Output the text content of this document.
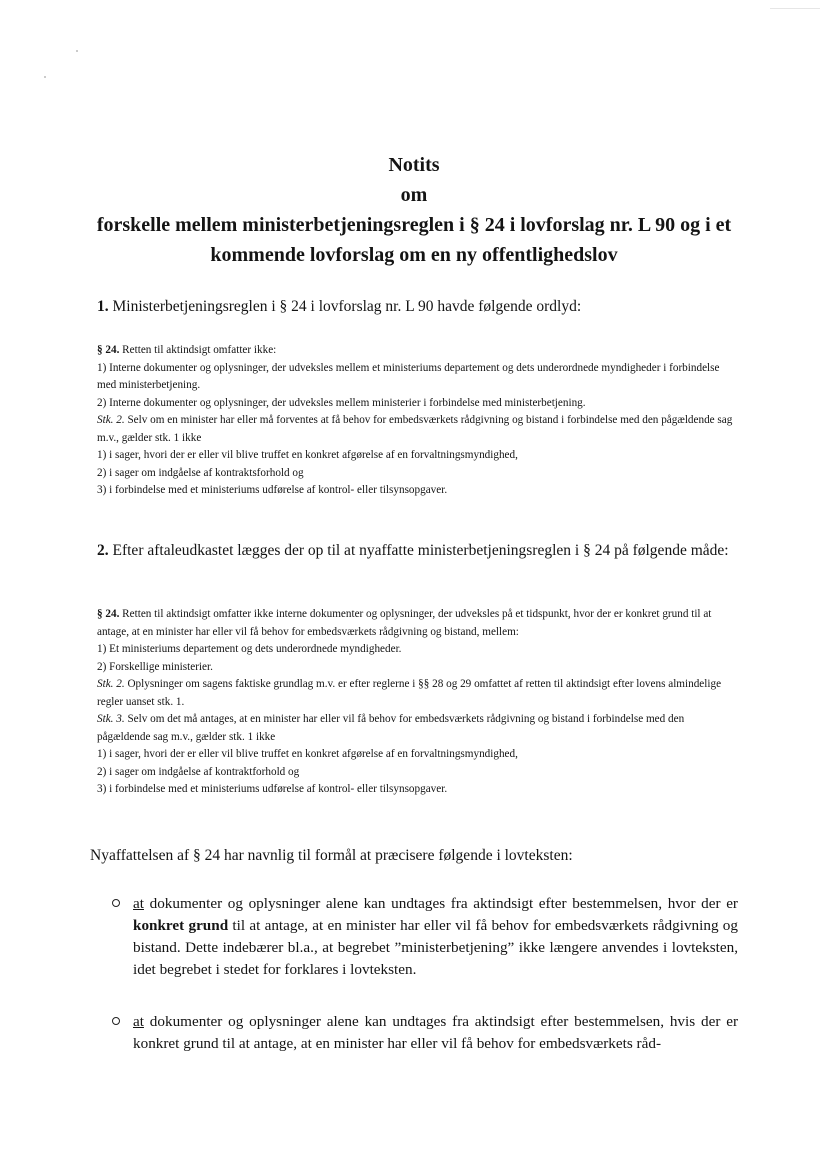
Notits
om
forskelle mellem ministerbetjeningsreglen i § 24 i lovforslag nr. L 90 og i et kommende lovforslag om en ny offentlighedslov
1. Ministerbetjeningsreglen i § 24 i lovforslag nr. L 90 havde følgende ordlyd:

§ 24. Retten til aktindsigt omfatter ikke:

1) Interne dokumenter og oplysninger, der udveksles mellem et ministeriums departement og dets underordnede myndigheder i forbindelse med ministerbetjening.

2) Interne dokumenter og oplysninger, der udveksles mellem ministerier i forbindelse med ministerbetjening.

Stk. 2. Selv om en minister har eller må forventes at få behov for embedsværkets rådgivning og bistand i forbindelse med den pågældende sag m.v., gælder stk. 1 ikke

1) i sager, hvori der er eller vil blive truffet en konkret afgørelse af en forvaltningsmyndighed,

2) i sager om indgåelse af kontraktsforhold og

3) i forbindelse med et ministeriums udførelse af kontrol- eller tilsynsopgaver.

2. Efter aftaleudkastet lægges der op til at nyaffatte ministerbetjeningsreglen i § 24 på følgende måde:

§ 24. Retten til aktindsigt omfatter ikke interne dokumenter og oplysninger, der udveksles på et tidspunkt, hvor der er konkret grund til at antage, at en minister har eller vil få behov for embedsværkets rådgivning og bistand, mellem:

1) Et ministeriums departement og dets underordnede myndigheder.

2) Forskellige ministerier.

Stk. 2. Oplysninger om sagens faktiske grundlag m.v. er efter reglerne i §§ 28 og 29 omfattet af retten til aktindsigt efter lovens almindelige regler uanset stk. 1.

Stk. 3. Selv om det må antages, at en minister har eller vil få behov for embedsværkets rådgivning og bistand i forbindelse med den pågældende sag m.v., gælder stk. 1 ikke

1) i sager, hvori der er eller vil blive truffet en konkret afgørelse af en forvaltningsmyndighed,

2) i sager om indgåelse af kontraktforhold og

3) i forbindelse med et ministeriums udførelse af kontrol- eller tilsynsopgaver.

Nyaffattelsen af § 24 har navnlig til formål at præcisere følgende i lovteksten:
at dokumenter og oplysninger alene kan undtages fra aktindsigt efter bestemmelsen, hvor der er konkret grund til at antage, at en minister har eller vil få behov for embedsværkets rådgivning og bistand. Dette indebærer bl.a., at begrebet ”ministerbetjening” ikke længere anvendes i lovteksten, idet begrebet i stedet for forklares i lovteksten.
at dokumenter og oplysninger alene kan undtages fra aktindsigt efter bestemmelsen, hvis der er konkret grund til at antage, at en minister har eller vil få behov for embedsværkets råd-
